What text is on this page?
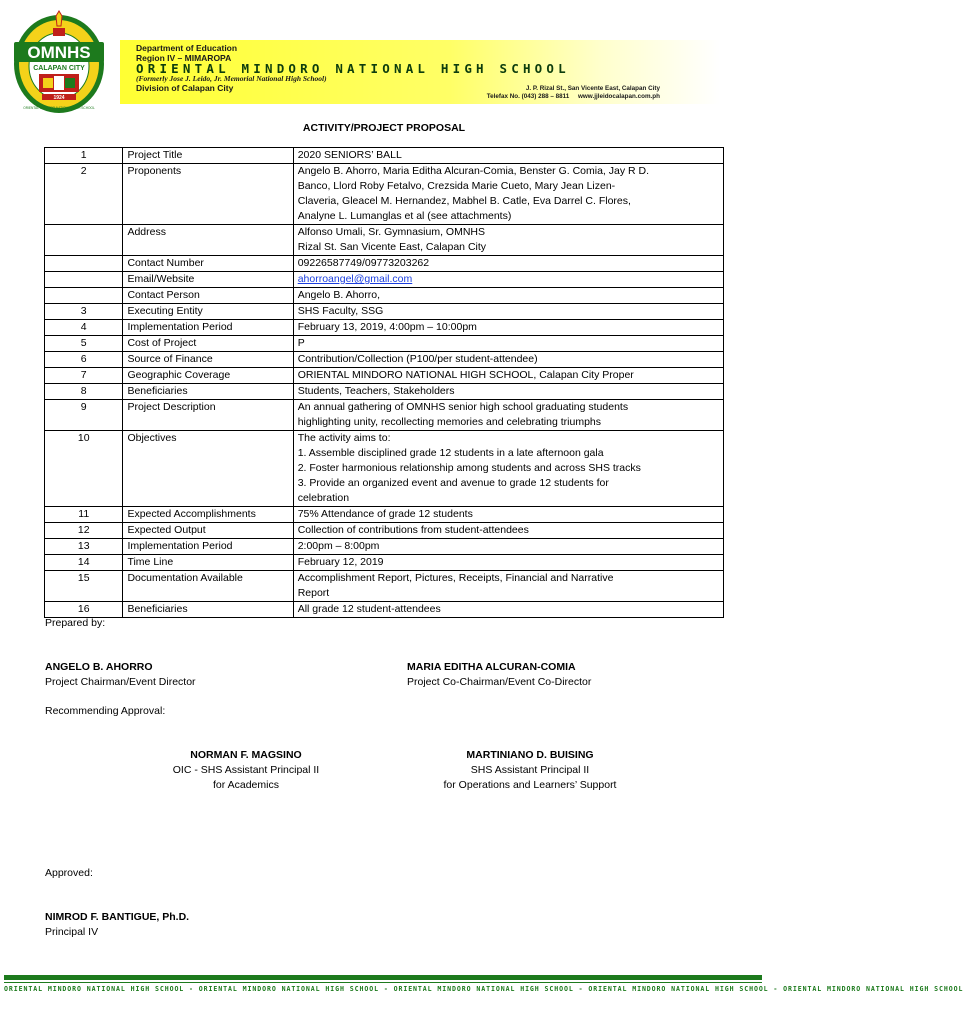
OMNHS
CALAPAN CITY
1924
ORIENTAL MINDORO NATIONAL HIGH SCHOOL
Department of Education
Region IV – MIMAROPA
ORIENTAL MINDORO NATIONAL HIGH SCHOOL
(Formerly Jose J. Leido, Jr. Memorial National High School)
Division of Calapan City	J. P. Rizal St., San Vicente East, Calapan City
Telefax No. (043) 288 – 8811     www.jjleidocalapan.com.ph
ACTIVITY/PROJECT PROPOSAL
1	Project Title	2020 SENIORS’ BALL

2	Proponents	Angelo B. Ahorro, Maria Editha Alcuran-Comia, Benster G. Comia, Jay R D.
Banco, Llord Roby Fetalvo, Crezsida Marie Cueto, Mary Jean Lizen-
Claveria, Gleacel M. Hernandez, Mabhel B. Catle, Eva Darrel C. Flores,
Analyne L. Lumanglas et al (see attachments)

	Address	Alfonso Umali, Sr. Gymnasium, OMNHS
Rizal St. San Vicente East, Calapan City

	Contact Number	09226587749/09773203262

	Email/Website	ahorroangel@gmail.com

	Contact Person	Angelo B. Ahorro,

3	Executing Entity	SHS Faculty, SSG

4	Implementation Period	February 13, 2019, 4:00pm – 10:00pm

5	Cost of Project	P

6	Source of Finance	Contribution/Collection (P100/per student-attendee)

7	Geographic Coverage	ORIENTAL MINDORO NATIONAL HIGH SCHOOL, Calapan City Proper

8	Beneficiaries	Students, Teachers, Stakeholders

9	Project Description	An annual gathering of OMNHS senior high school graduating students
highlighting unity, recollecting memories and celebrating triumphs

10	Objectives	The activity aims to:
1. Assemble disciplined grade 12 students in a late afternoon gala
2. Foster harmonious relationship among students and across SHS tracks
3. Provide an organized event and avenue to grade 12 students for
celebration

11	Expected Accomplishments	75% Attendance of grade 12 students

12	Expected Output	Collection of contributions from student-attendees

13	Implementation Period	2:00pm – 8:00pm

14	Time Line	February 12, 2019

15	Documentation Available	Accomplishment Report, Pictures, Receipts, Financial and Narrative
Report

16	Beneficiaries	All grade 12 student-attendees
Prepared by:
ANGELO B. AHORRO
Project Chairman/Event Director
MARIA EDITHA ALCURAN-COMIA
Project Co-Chairman/Event Co-Director
Recommending Approval:
NORMAN F. MAGSINO
OIC - SHS Assistant Principal II
for Academics
MARTINIANO D. BUISING
SHS Assistant Principal II
for Operations and Learners’ Support
Approved:
NIMROD F. BANTIGUE, Ph.D.
Principal IV
ORIENTAL MINDORO NATIONAL HIGH SCHOOL - ORIENTAL MINDORO NATIONAL HIGH SCHOOL - ORIENTAL MINDORO NATIONAL HIGH SCHOOL - ORIENTAL MINDORO NATIONAL HIGH SCHOOL - ORIENTAL MINDORO NATIONAL HIGH SCHOOL
